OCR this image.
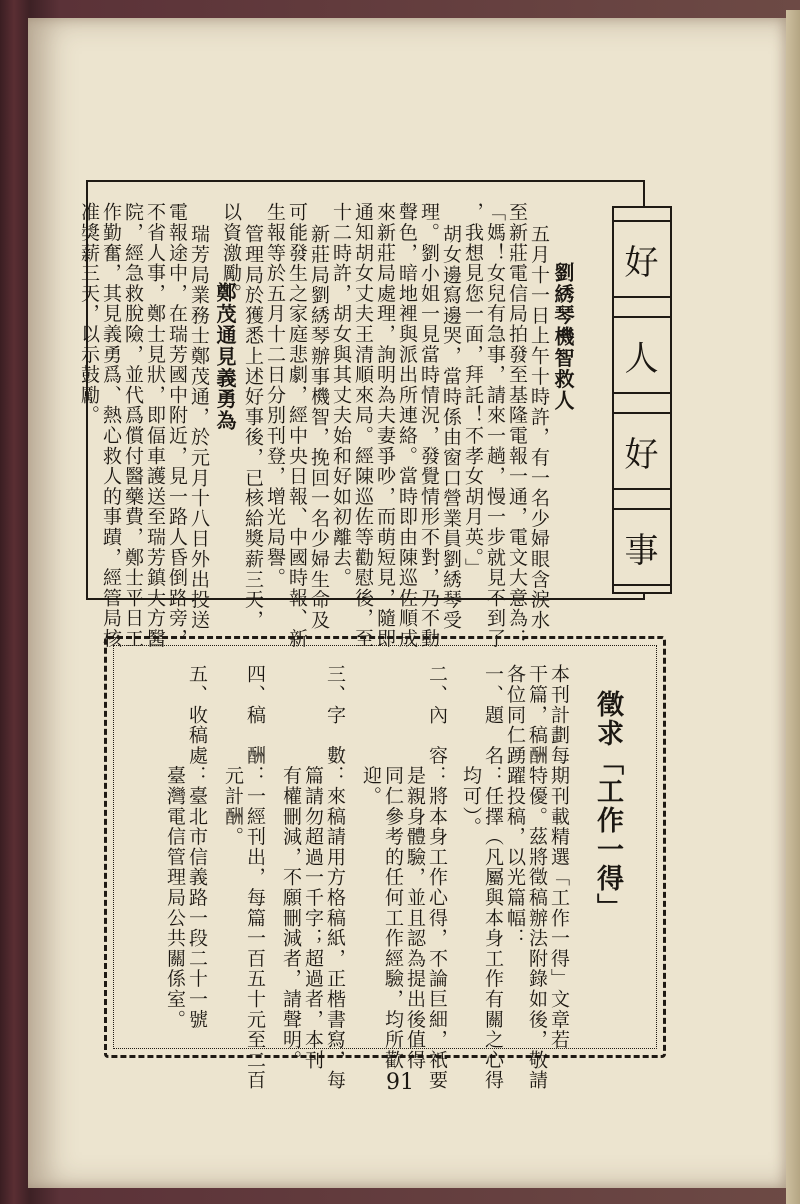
好
人
好
事
劉綉琴機智救人
五月十一日上午十時許，有一名少婦眼含淚水
至新莊電信局拍發至基隆電報一通，電文大意為：
「媽！女兒有急事，請來一趟，慢一步就見不到了
，我想見您一面，拜託！不孝女胡月英。」
胡女邊寫邊哭，當時係由窗口營業員劉綉琴受
理。劉小姐一見當時情況，發覺情形不對，乃不動
聲色，暗地裡與派出所連絡。當時即由陳巡佐順成
來新莊局處理，詢明為夫妻爭吵，而萌短見，隨即
通知胡女丈夫王清順來局。經陳巡佐等勸慰後，至
十二時許，胡女與其丈夫始和好如初離去。
新莊局劉綉琴辦事機智，挽回一名少婦生命及
可能發生之家庭悲劇，經中央日報、中國時報、新
生報等於五月十二日分別刊登，增光局譽。
管理局於獲悉上述好事後，已核給獎薪三天，
以資激勵。
鄭茂通見義勇為
瑞芳局業務士鄭茂通，於元月十八日外出投送
電報途中，在瑞芳國中附近，見一路人昏倒路旁，
不省人事，鄭士見狀，即偪車護送至瑞芳鎮大方醫
院，經急救脫險，並代爲償付醫藥費，鄭士平日工
作勤奮，其見義勇爲、熱心救人的事蹟，經管局核
准獎薪三天，以示鼓勵。
徵求「工作一得」
本刊計劃每期刊載精選「工作一得」文章若
干篇，稿酬特優。茲將徵稿辦法附錄如後，敬請
各位同仁踴躍投稿，以光篇幅：
一、題　名：任擇（凡屬與本身工作有關之心得
　　　　　均可）。
二、內　容：將本身工作心得，不論巨細，祇要
　　　　　是親身體驗，並且認為提出後值得
　　　　　同仁參考的任何工作經驗，均所歡
　　　　　迎。
三、字　數：來稿請用方格稿紙，正楷書寫，每
　　　　　篇請勿超過一千字；超過者，本刊
　　　　　有權刪減，不願刪減者，請聲明。
四、稿　酬：一經刊出，每篇一百五十元至二百
　　　　　元計酬。
五、收稿處：臺北市信義路一段二十一號
　　　　　臺灣電信管理局公共關係室。
91
